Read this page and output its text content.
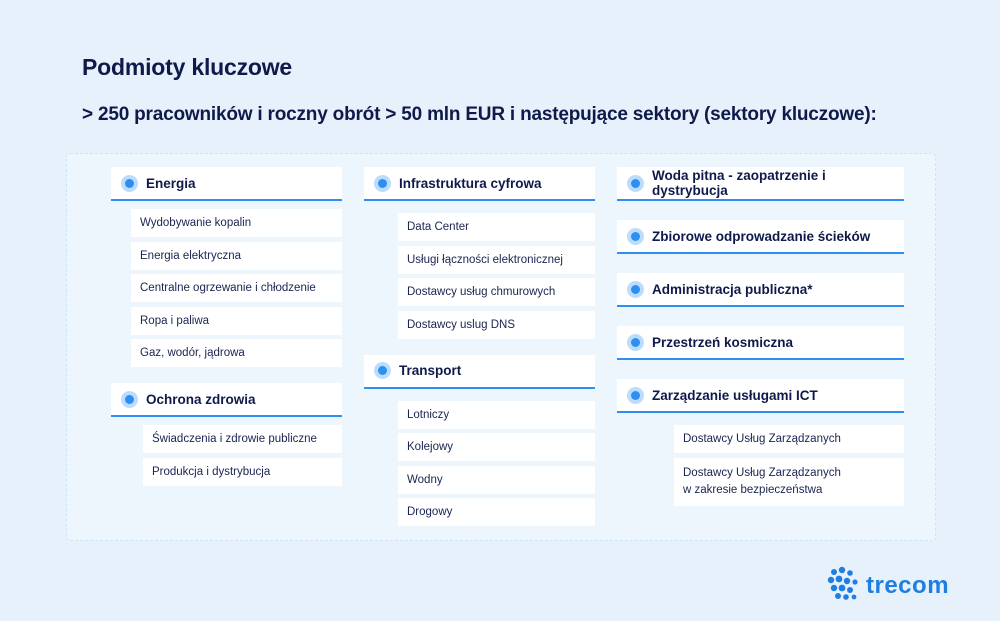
Podmioty kluczowe
> 250 pracowników i roczny obrót > 50 mln EUR i następujące sektory (sektory kluczowe):
Energia
Wydobywanie kopalin
Energia elektryczna
Centralne ogrzewanie i chłodzenie
Ropa i paliwa
Gaz, wodór, jądrowa
Ochrona zdrowia
Świadczenia i zdrowie publiczne
Produkcja i dystrybucja
Infrastruktura cyfrowa
Data Center
Usługi łączności elektronicznej
Dostawcy usług chmurowych
Dostawcy uslug DNS
Transport
Lotniczy
Kolejowy
Wodny
Drogowy
Woda pitna - zaopatrzenie i dystrybucja
Zbiorowe odprowadzanie ścieków
Administracja publiczna*
Przestrzeń kosmiczna
Zarządzanie usługami ICT
Dostawcy Usług Zarządzanych
Dostawcy Usług Zarządzanych
w zakresie bezpieczeństwa
trecom
